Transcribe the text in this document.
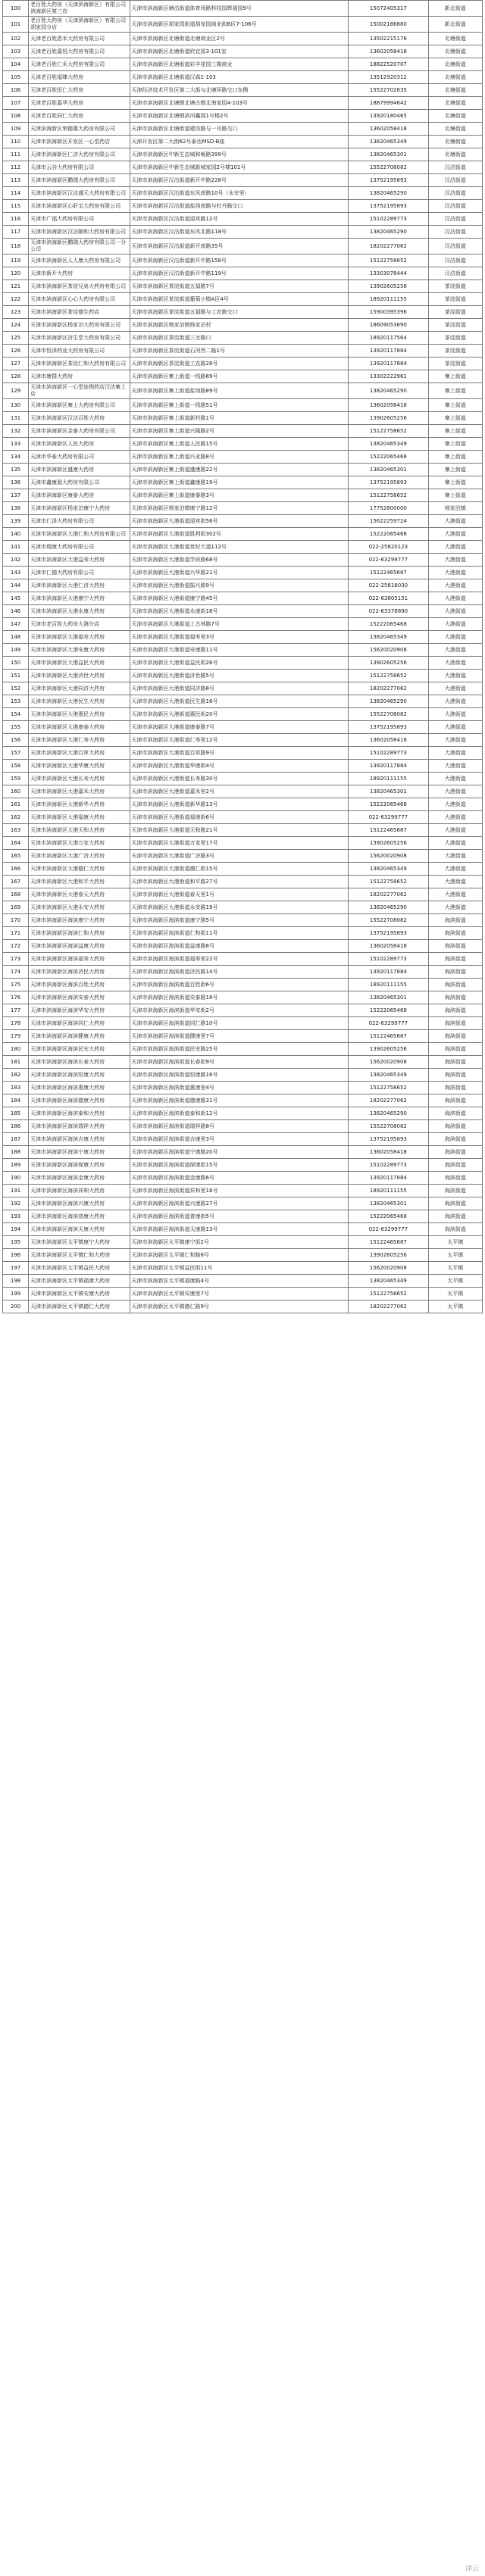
100	老百姓大药房（天津滨海新区）有限公司滨海新区第三店	天津市滨海新区塘沽街道体育场路科技园辉晟园9号	15072405317	新北街道
101	老百姓大药房（天津滨海新区）有限公司胡家园分店	天津市滨海新区胡家园街道胡家园商业街B区7-106号	15002166880	新北街道
102	天津老百姓恩禾大药房有限公司	天津市滨海新区北塘街道北塘商业区2号	13502215176	北塘街道
103	天津老百姓嘉悦大药房有限公司	天津市滨海新区北塘街道欣宜园3-101室	13602058418	北塘街道
104	天津老百姓仁禾大药房有限公司	天津市滨海新区北塘街道彩丰花园三期商业	18822520707	北塘街道
105	天津老百姓福臻大药房	天津市滨海新区北塘街道汉森1-103	13512920312	北塘街道
106	天津老百姓恒仁大药房	天津经济技术开发区第二大街与北塘环路交口东侧	15522702835	北塘街道
107	天津老百姓嘉华大药房	天津市滨海新区北塘镇北塘古镇北海家园4-103号	18879994642	北塘街道
108	天津老百姓同仁大药房	天津市滨海新区北塘镇滨河鑫园1号楼2号	13920180465	北塘街道
109	天津滨海新区荣德惠大药房有限公司	天津市滨海新区北塘街道建设路与一号路交口	13602058418	北塘街道
110	天津市滨海新区开发区一心堂药店	天津开发区第二大街62号泰达MSD-B座	13820465349	北塘街道
111	天津市滨海新区仁济大药房有限公司	天津市滨海新区中新生态城和畅路399号	13820465301	北塘街道
112	天津市云谷大药房有限公司	天津市滨海新区中新生态城新城家园2号楼101号	15522708082	汉沽街道
113	天津市滨海新区鹏瑞大药房有限公司	天津市滨海新区汉沽街道新开中路228号	13752195893	汉沽街道
114	天津市滨海新区汉沽盛元大药房有限公司	天津市滨海新区汉沽街道东风南路10号（永安里）	13820465290	汉沽街道
115	天津市滨海新区心肝宝大药房有限公司	天津市滨海新区汉沽街道盐场南路与牡丹路交口	13752195893	汉沽街道
116	天津市广福大药房有限公司	天津市滨海新区汉沽街道迎宾路12号	15102289773	汉沽街道
117	天津市滨海新区汉沽颐和大药房有限公司	天津市滨海新区汉沽街道东风北路118号	13820465290	汉沽街道
118	天津市滨海新区鹏瑞大药房有限公司一分公司	天津市滨海新区汉沽街道新开南路35号	18202277062	汉沽街道
119	天津市滨海新区人人康大药房有限公司	天津市滨海新区汉沽街道新开中路158号	15122758652	汉沽街道
120	天津市新开大药房	天津市滨海新区汉沽街道新开中路119号	13303078444	汉沽街道
121	天津市滨海新区茶淀兄弟大药房有限公司	天津市滨海新区茶淀街道五福路7号	13902605256	茶淀街道
122	天津市滨海新区心心大药房有限公司	天津市滨海新区茶淀街道葡萄小镇A区4号	18920111155	茶淀街道
123	天津市滨海新区茶淀德生药店	天津市滨海新区茶淀街道五福路与工农路交口	15900395396	茶淀街道
124	天津市滨海新区杨家泊大药房有限公司	天津市滨海新区杨家泊镇杨家泊村	18609053690	茶淀街道
125	天津市滨海新区济生堂大药房有限公司	天津市滨海新区茶淀街道三岔路口	18920117564	茶淀街道
126	天津市恒泽药业大药房有限公司	天津市滨海新区茶淀街道石河西二路1号	13920117884	茶淀街道
127	天津市滨海新区茶淀仁和大药房有限公司	天津市滨海新区茶淀街道工农路28号	13920117884	茶淀街道
128	天津市康群大药房	天津市滨海新区寨上街道一线路69号	13302222961	寨上街道
129	天津市滨海新区一心堂连锁药店汉沽寨上店	天津市滨海新区寨上街道盐场路89号	13820465290	寨上街道
130	天津市滨海新区寨上大药房有限公司	天津市滨海新区寨上街道一线路51号	13602058418	寨上街道
131	天津市滨海新区汉沽百姓大药房	天津市滨海新区寨上街道新村路1号	13902605256	寨上街道
132	天津市滨海新区金泰大药房有限公司	天津市滨海新区寨上街道兴隆路2号	15122758652	寨上街道
133	天津市滨海新区人民大药房	天津市滨海新区寨上街道人民路15号	13820465349	寨上街道
134	天津市华泰大药房有限公司	天津市滨海新区寨上街道兴业路8号	15222065468	寨上街道
135	天津市滨海新区盛康大药房	天津市滨海新区寨上街道盛康路22号	13820465301	寨上街道
136	天津市鑫康源大药房有限公司	天津市滨海新区寨上街道鑫康路19号	13752195893	寨上街道
137	天津市滨海新区康泰大药房	天津市滨海新区寨上街道康泰路3号	15122758652	寨上街道
138	天津市滨海新区杨家泊康宁大药房	天津市滨海新区杨家泊镇康宁路12号	17752800000	杨家泊镇
139	天津市仁泽大药房有限公司	天津市滨海新区大港街道迎宾街56号	15622259724	大港街道
140	天津市滨海新区大港仁和大药房有限公司	天津市滨海新区大港街道胜利街302号	15222065468	大港街道
141	天津市瑞康大药房有限公司	天津市滨海新区大港街道世纪大道112号	022-25820123	大港街道
142	天津市滨海新区大港益寿大药房	天津市滨海新区大港街道学府路68号	022-63299777	大港街道
143	天津市仁德大药房有限公司	天津市滨海新区大港街道兴华路21号	15122465687	大港街道
144	天津市滨海新区大港仁济大药房	天津市滨海新区大港街道振兴路9号	022-25618030	大港街道
145	天津市滨海新区大港康宁大药房	天津市滨海新区大港街道康宁路45号	022-63805151	大港街道
146	天津市滨海新区大港永康大药房	天津市滨海新区大港街道永康街18号	022-63378890	大港街道
147	天津市老百姓大药房大港分店	天津市滨海新区大港街道上古林路7号	15222065468	大港街道
148	天津市滨海新区大港福寿大药房	天津市滨海新区大港街道福寿里3号	13820465349	大港街道
149	天津市滨海新区大港安康大药房	天津市滨海新区大港街道安康路11号	15620020908	大港街道
150	天津市滨海新区大港益民大药房	天津市滨海新区大港街道益民街26号	13902605256	大港街道
151	天津市滨海新区大港济世大药房	天津市滨海新区大港街道济世路5号	15122758652	大港街道
152	天津市滨海新区大港同济大药房	天津市滨海新区大港街道同济路8号	18202277062	大港街道
153	天津市滨海新区大港民生大药房	天津市滨海新区大港街道民生路16号	13820465290	大港街道
154	天津市滨海新区大港惠民大药房	天津市滨海新区大港街道惠民街20号	15522708082	大港街道
155	天津市滨海新区大港康泰大药房	天津市滨海新区大港街道康泰路7号	13752195893	大港街道
156	天津市滨海新区大港仁寿大药房	天津市滨海新区大港街道仁寿里12号	13602058418	大港街道
157	天津市滨海新区大港百草大药房	天津市滨海新区大港街道百草路9号	15102289773	大港街道
158	天津市滨海新区大港华康大药房	天津市滨海新区大港街道华康街4号	13920117884	大港街道
159	天津市滨海新区大港长寿大药房	天津市滨海新区大港街道长寿路30号	18920111155	大港街道
160	天津市滨海新区大港嘉禾大药房	天津市滨海新区大港街道嘉禾里2号	13820465301	大港街道
161	天津市滨海新区大港新华大药房	天津市滨海新区大港街道新华路13号	15222065468	大港街道
162	天津市滨海新区大港福康大药房	天津市滨海新区大港街道福康街6号	022-63299777	大港街道
163	天津市滨海新区大港天和大药房	天津市滨海新区大港街道天和路21号	15122465687	大港街道
164	天津市滨海新区大港万家大药房	天津市滨海新区大港街道万家里17号	13902605256	大港街道
165	天津市滨海新区大港广济大药房	天津市滨海新区大港街道广济路3号	15620020908	大港街道
166	天津市滨海新区大港德仁大药房	天津市滨海新区大港街道德仁街15号	13820465349	大港街道
167	天津市滨海新区大港和平大药房	天津市滨海新区大港街道和平路27号	15122758652	大港街道
168	天津市滨海新区大港春天大药房	天津市滨海新区大港街道春天里1号	18202277062	大港街道
169	天津市滨海新区大港永安大药房	天津市滨海新区大港街道永安路19号	13820465290	大港街道
170	天津市滨海新区海滨康宁大药房	天津市滨海新区海滨街道康宁路5号	15522708082	海滨街道
171	天津市滨海新区海滨仁和大药房	天津市滨海新区海滨街道仁和街11号	13752195893	海滨街道
172	天津市滨海新区海滨益康大药房	天津市滨海新区海滨街道益康路8号	13602058418	海滨街道
173	天津市滨海新区海滨福寿大药房	天津市滨海新区海滨街道福寿里22号	15102289773	海滨街道
174	天津市滨海新区海滨济民大药房	天津市滨海新区海滨街道济民路14号	13920117884	海滨街道
175	天津市滨海新区海滨百姓大药房	天津市滨海新区海滨街道百姓街6号	18920111155	海滨街道
176	天津市滨海新区海滨安泰大药房	天津市滨海新区海滨街道安泰路18号	13820465301	海滨街道
177	天津市滨海新区海滨华安大药房	天津市滨海新区海滨街道华安街2号	15222065468	海滨街道
178	天津市滨海新区海滨同仁大药房	天津市滨海新区海滨街道同仁路10号	022-63299777	海滨街道
179	天津市滨海新区海滨健康大药房	天津市滨海新区海滨街道健康里7号	15122465687	海滨街道
180	天津市滨海新区海滨民安大药房	天津市滨海新区海滨街道民安路25号	13902605256	海滨街道
181	天津市滨海新区海滨长春大药房	天津市滨海新区海滨街道长春街9号	15620020908	海滨街道
182	天津市滨海新区海滨恒康大药房	天津市滨海新区海滨街道恒康路16号	13820465349	海滨街道
183	天津市滨海新区海滨惠康大药房	天津市滨海新区海滨街道惠康里4号	15122758652	海滨街道
184	天津市滨海新区海滨德康大药房	天津市滨海新区海滨街道德康路31号	18202277062	海滨街道
185	天津市滨海新区海滨泰和大药房	天津市滨海新区海滨街道泰和街12号	13820465290	海滨街道
186	天津市滨海新区海滨瑞祥大药房	天津市滨海新区海滨街道瑞祥路8号	15522708082	海滨街道
187	天津市滨海新区海滨吉康大药房	天津市滨海新区海滨街道吉康里3号	13752195893	海滨街道
188	天津市滨海新区海滨宁康大药房	天津市滨海新区海滨街道宁康路20号	13602058418	海滨街道
189	天津市滨海新区海滨保康大药房	天津市滨海新区海滨街道保康街15号	15102289773	海滨街道
190	天津市滨海新区海滨金康大药房	天津市滨海新区海滨街道金康路6号	13920117884	海滨街道
191	天津市滨海新区海滨祥和大药房	天津市滨海新区海滨街道祥和里18号	18920111155	海滨街道
192	天津市滨海新区海滨兴康大药房	天津市滨海新区海滨街道兴康路27号	13820465301	海滨街道
193	天津市滨海新区海滨普康大药房	天津市滨海新区海滨街道普康街5号	15222065468	海滨街道
194	天津市滨海新区海滨天康大药房	天津市滨海新区海滨街道天康路13号	022-63299777	海滨街道
195	天津市滨海新区太平镇康宁大药房	天津市滨海新区太平镇康宁街2号	15122465687	太平镇
196	天津市滨海新区太平镇仁和大药房	天津市滨海新区太平镇仁和路8号	13902605256	太平镇
197	天津市滨海新区太平镇益民大药房	天津市滨海新区太平镇益民街11号	15620020908	太平镇
198	天津市滨海新区太平镇福康大药房	天津市滨海新区太平镇福康路4号	13820465349	太平镇
199	天津市滨海新区太平镇安康大药房	天津市滨海新区太平镇安康里7号	15122758652	太平镇
200	天津市滨海新区太平镇德仁大药房	天津市滨海新区太平镇德仁路9号	18202277062	太平镇
津云
